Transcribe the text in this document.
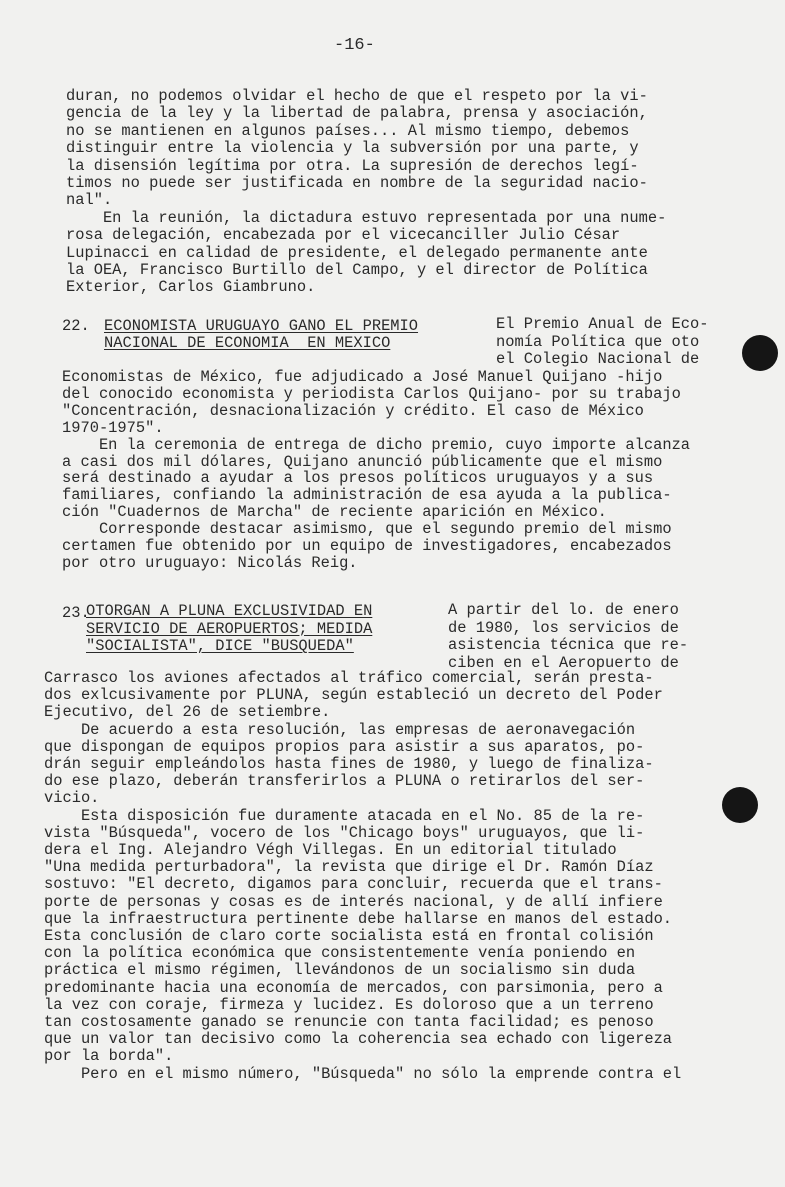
-16-
duran, no podemos olvidar el hecho de que el respeto por la vi-
gencia de la ley y la libertad de palabra, prensa y asociación,
no se mantienen en algunos países... Al mismo tiempo, debemos
distinguir entre la violencia y la subversión por una parte, y
la disensión legítima por otra. La supresión de derechos legí-
timos no puede ser justificada en nombre de la seguridad nacio-
nal".
En la reunión, la dictadura estuvo representada por una nume-
rosa delegación, encabezada por el vicecanciller Julio César
Lupinacci en calidad de presidente, el delegado permanente ante
la OEA, Francisco Burtillo del Campo, y el director de Política
Exterior, Carlos Giambruno.
22. ECONOMISTA URUGUAYO GANO EL PREMIO
NACIONAL DE ECONOMIA  EN MEXICO
El Premio Anual de Eco-
nomía Política que oto
el Colegio Nacional de
Economistas de México, fue adjudicado a José Manuel Quijano -hijo
del conocido economista y periodista Carlos Quijano- por su trabajo
"Concentración, desnacionalización y crédito. El caso de México
1970-1975".
En la ceremonia de entrega de dicho premio, cuyo importe alcanza
a casi dos mil dólares, Quijano anunció públicamente que el mismo
será destinado a ayudar a los presos políticos uruguayos y a sus
familiares, confiando la administración de esa ayuda a la publica-
ción "Cuadernos de Marcha" de reciente aparición en México.
Corresponde destacar asimismo, que el segundo premio del mismo
certamen fue obtenido por un equipo de investigadores, encabezados
por otro uruguayo: Nicolás Reig.
23.
OTORGAN A PLUNA EXCLUSIVIDAD EN
SERVICIO DE AEROPUERTOS; MEDIDA
"SOCIALISTA", DICE "BUSQUEDA"
A partir del lo. de enero
de 1980, los servicios de
asistencia técnica que re-
ciben en el Aeropuerto de
Carrasco los aviones afectados al tráfico comercial, serán presta-
dos exlcusivamente por PLUNA, según estableció un decreto del Poder
Ejecutivo, del 26 de setiembre.
De acuerdo a esta resolución, las empresas de aeronavegación
que dispongan de equipos propios para asistir a sus aparatos, po-
drán seguir empleándolos hasta fines de 1980, y luego de finaliza-
do ese plazo, deberán transferirlos a PLUNA o retirarlos del ser-
vicio.
Esta disposición fue duramente atacada en el No. 85 de la re-
vista "Búsqueda", vocero de los "Chicago boys" uruguayos, que li-
dera el Ing. Alejandro Végh Villegas. En un editorial titulado
"Una medida perturbadora", la revista que dirige el Dr. Ramón Díaz
sostuvo: "El decreto, digamos para concluir, recuerda que el trans-
porte de personas y cosas es de interés nacional, y de allí infiere
que la infraestructura pertinente debe hallarse en manos del estado.
Esta conclusión de claro corte socialista está en frontal colisión
con la política económica que consistentemente venía poniendo en
práctica el mismo régimen, llevándonos de un socialismo sin duda
predominante hacia una economía de mercados, con parsimonia, pero a
la vez con coraje, firmeza y lucidez. Es doloroso que a un terreno
tan costosamente ganado se renuncie con tanta facilidad; es penoso
que un valor tan decisivo como la coherencia sea echado con ligereza
por la borda".
Pero en el mismo número, "Búsqueda" no sólo la emprende contra el
